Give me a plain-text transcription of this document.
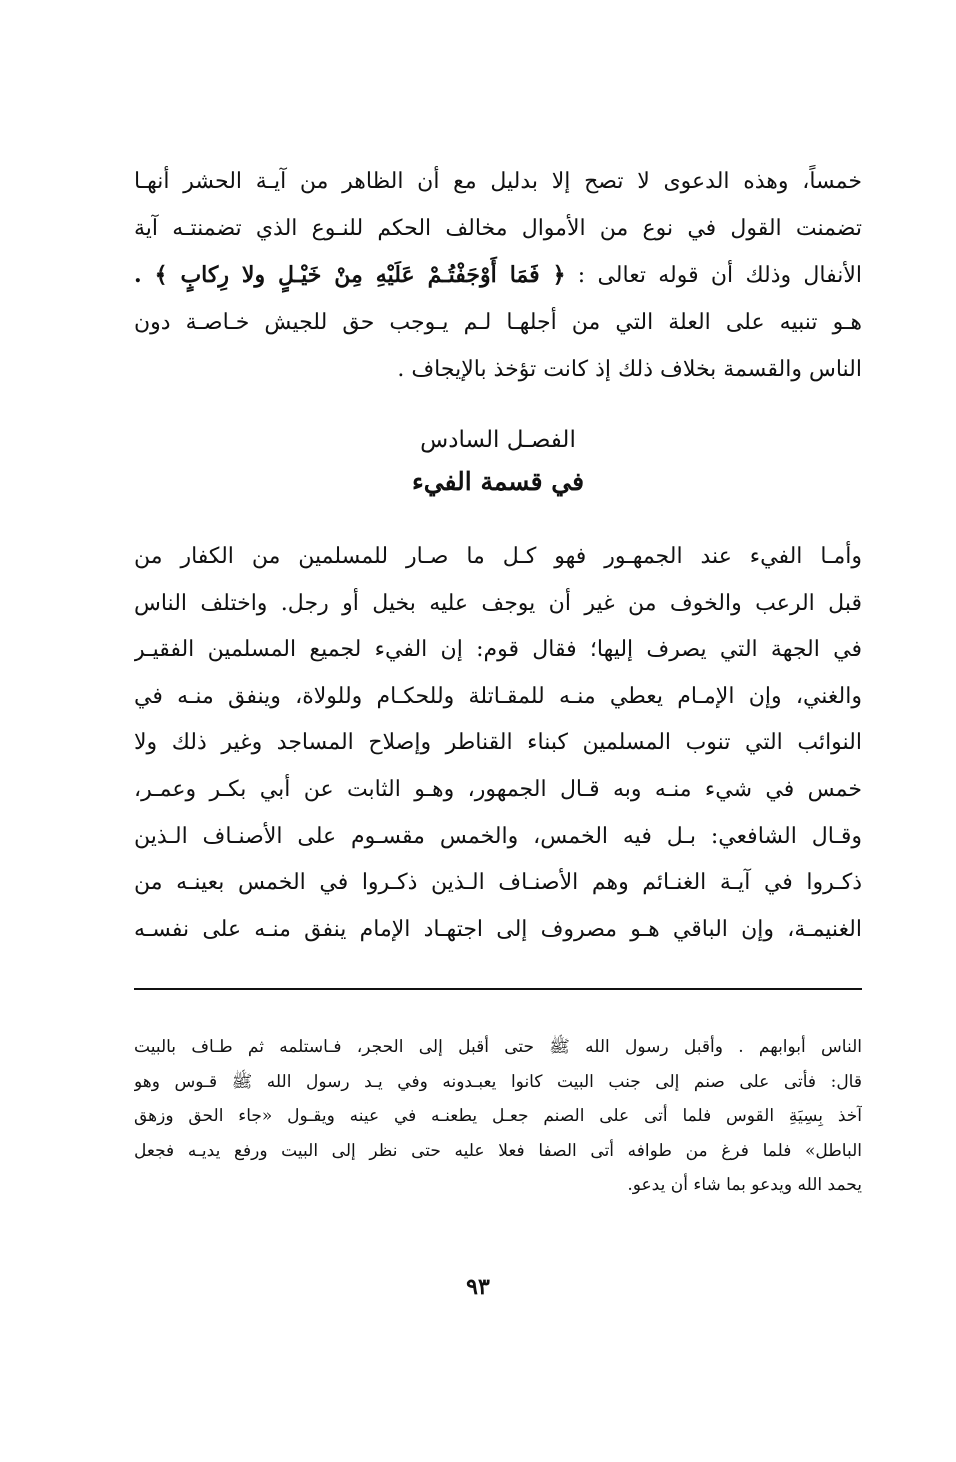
خمساً، وهذه الدعوى لا تصح إلا بدليل مع أن الظاهر من آيـة الحشر أنهـا
تضمنت القول في نوع من الأموال مخالف الحكم للنـوع الذي تضمنتـه آية
الأنفال وذلك أن قوله تعالى : ﴿ فَمَا أَوْجَفْتُـمْ عَلَيْهِ مِنْ خَيْـلٍ ولا رِكابٍ ﴾ .
هـو تنبيه على العلة التي من أجلهـا لـم يـوجب حق للجيش خـاصـة دون
الناس والقسمة بخلاف ذلك إذ كانت تؤخذ بالإيجاف .
الفصـل السادس
في قسمة الفيء
وأمـا الفيء عند الجمهـور فهو كـل ما صـار للمسلمين من الكفار من
قبل الرعب والخوف من غير أن يوجف عليه بخيل أو رجل. واختلف الناس
في الجهة التي يصرف إليها؛ فقال قوم: إن الفيء لجميع المسلمين الفقيـر
والغني، وإن الإمـام يعطي منـه للمقـاتلة وللحكـام وللولاة، وينفق منـه في
النوائب التي تنوب المسلمين كبناء القناطر وإصلاح المساجد وغير ذلك ولا
خمس في شيء منـه وبه قـال الجمهور، وهـو الثابت عن أبي بكـر وعمـر،
وقـال الشافعي: بـل فيه الخمس، والخمس مقسـوم على الأصنـاف الـذين
ذكـروا في آيـة الغنـائم وهم الأصنـاف الـذين ذكـروا في الخمس بعينـه من
الغنيمـة، وإن الباقي هـو مصروف إلى اجتهـاد الإمام ينفق منـه على نفسـه
الناس أبوابهم . وأقبل رسول الله ﷺ حتى أقبل إلى الحجر، فـاستلمه ثم طـاف بالبيت
قال: فأتى على صنم إلى جنب البيت كانوا يعبـدونه وفي يـد رسول الله ﷺ قـوس وهو
آخذ بِسِيَةِ القوس فلما أتى على الصنم جعـل يطعنـه في عينه ويقـول «جاء الحق وزهق
الباطل» فلما فرغ من طوافه أتى الصفا فعلا عليه حتى نظر إلى البيت ورفع يديـه فجعل
يحمد الله ويدعو بما شاء أن يدعو.
٩٣
